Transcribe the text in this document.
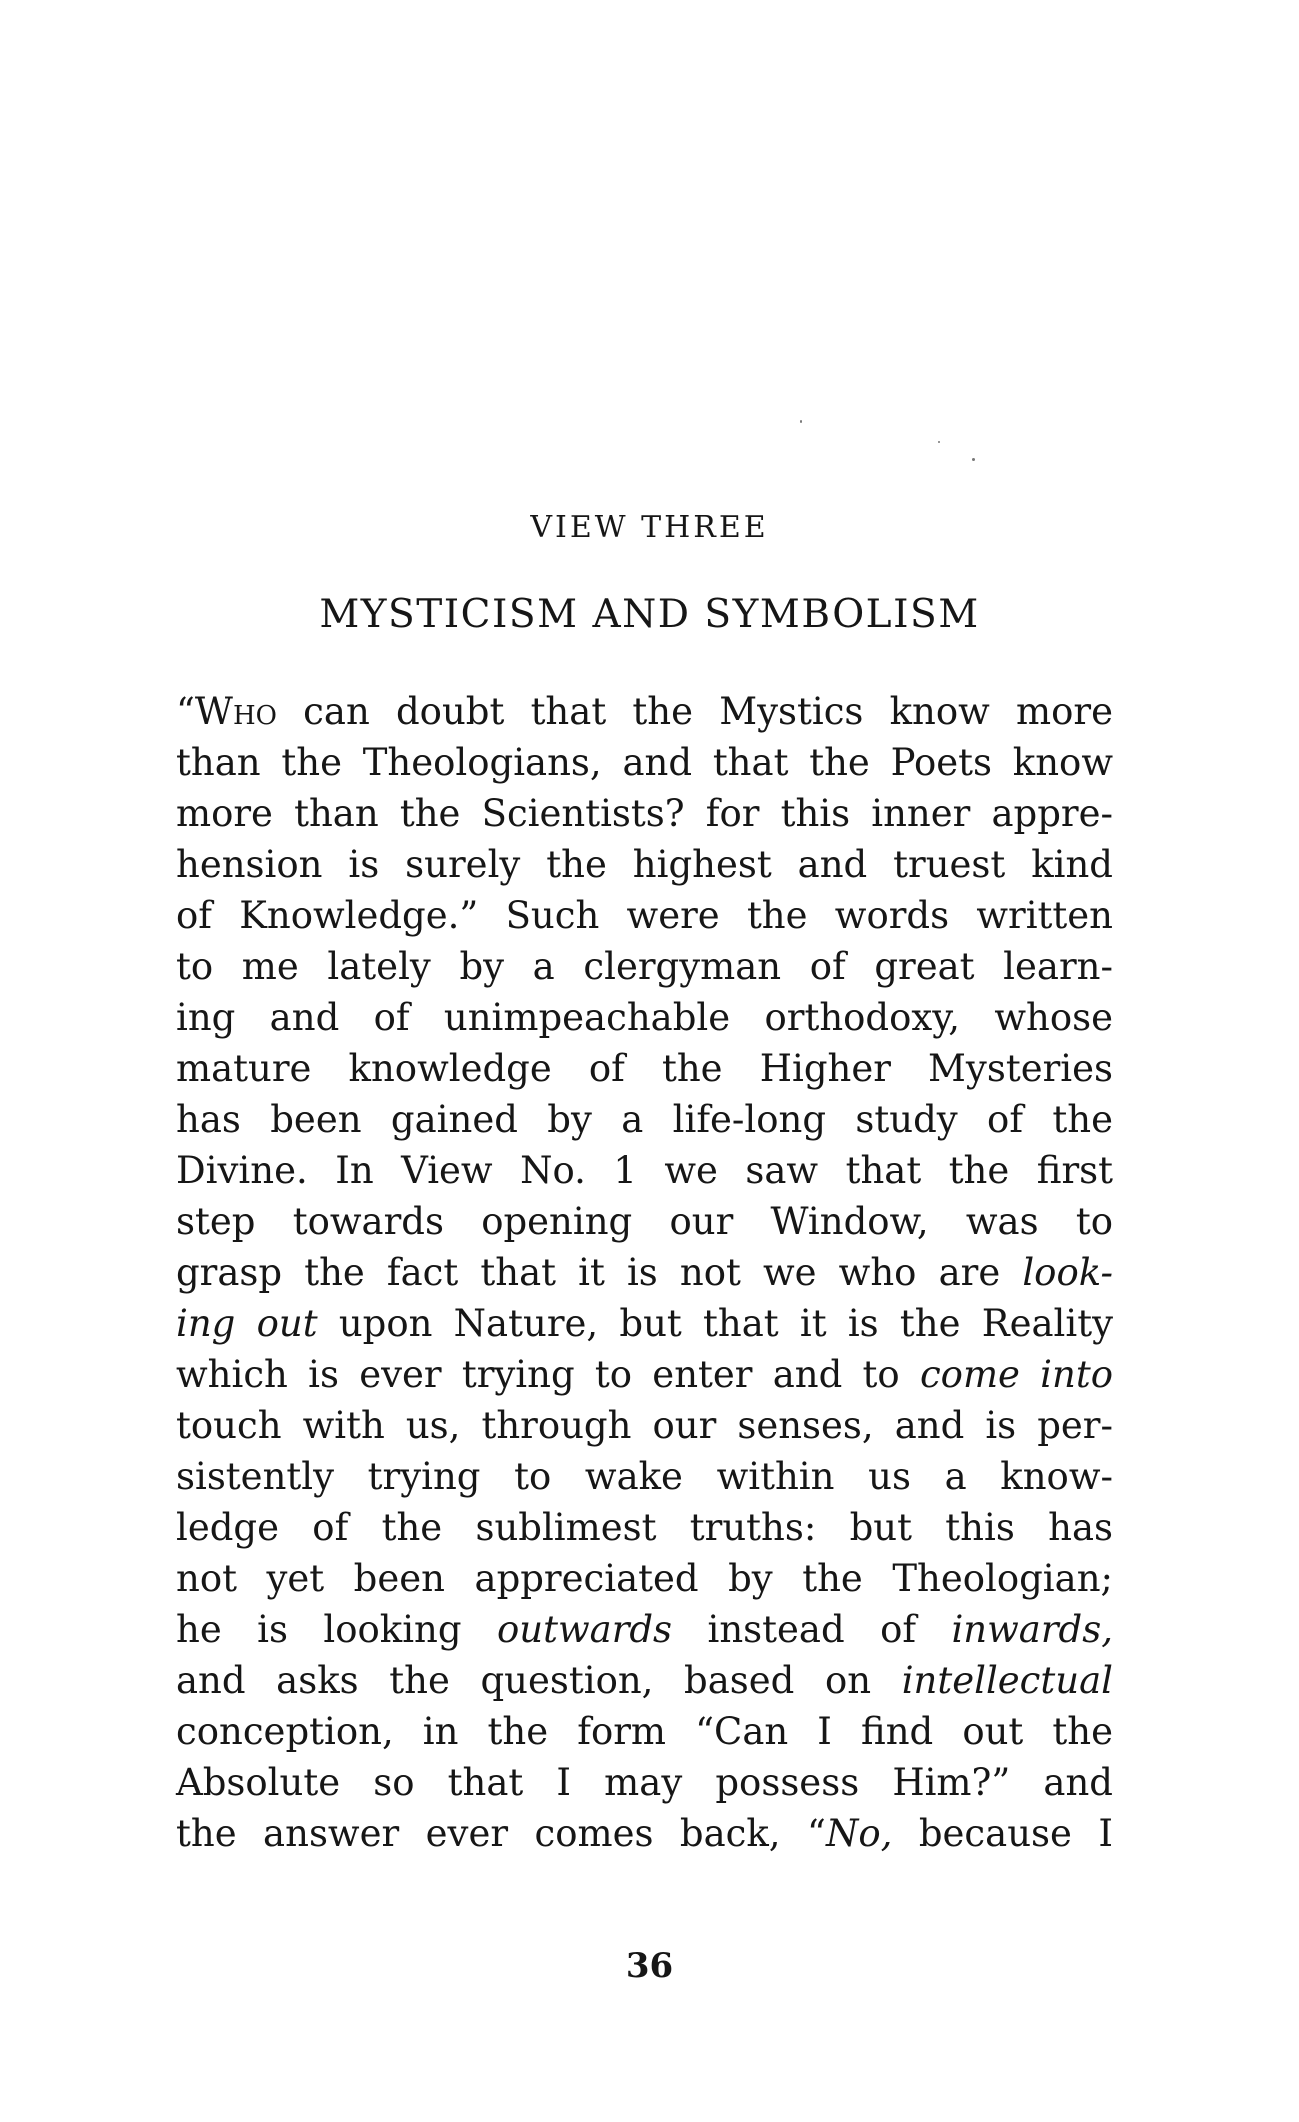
VIEW THREE
MYSTICISM AND SYMBOLISM
“Who can doubt that the Mystics know more
than the Theologians, and that the Poets know
more than the Scientists? for this inner appre-
hension is surely the highest and truest kind
of Knowledge.” Such were the words written
to me lately by a clergyman of great learn-
ing and of unimpeachable orthodoxy, whose
mature knowledge of the Higher Mysteries
has been gained by a life-long study of the
Divine. In View No. 1 we saw that the first
step towards opening our Window, was to
grasp the fact that it is not we who are look-
ing out upon Nature, but that it is the Reality
which is ever trying to enter and to come into
touch with us, through our senses, and is per-
sistently trying to wake within us a know-
ledge of the sublimest truths: but this has
not yet been appreciated by the Theologian;
he is looking outwards instead of inwards,
and asks the question, based on intellectual
conception, in the form “Can I find out the
Absolute so that I may possess Him?” and
the answer ever comes back, “No, because I
36
